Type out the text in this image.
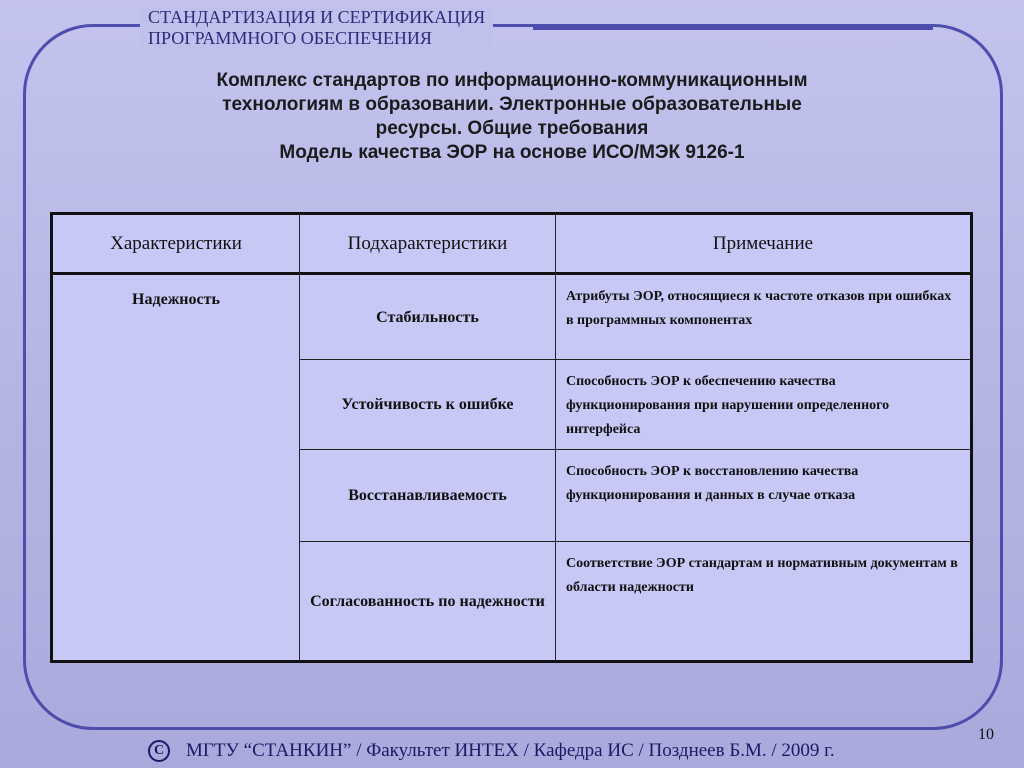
СТАНДАРТИЗАЦИЯ И СЕРТИФИКАЦИЯ
ПРОГРАММНОГО ОБЕСПЕЧЕНИЯ
Комплекс стандартов по информационно-коммуникационным
технологиям в образовании. Электронные образовательные
ресурсы. Общие требования
Модель качества ЭОР на основе ИСО/МЭК 9126-1
Характеристики	Подхарактеристики	Примечание
Надежность	Стабильность	Атрибуты ЭОР, относящиеся к частоте отказов при ошибках в программных компонентах
	Устойчивость к ошибке	Способность ЭОР к обеспечению качества функционирования при нарушении определенного интерфейса
	Восстанавливаемость	Способность ЭОР к восстановлению качества функционирования и данных в случае отказа
	Согласованность по надежности	Соответствие ЭОР стандартам и нормативным документам в области надежности
10
С	МГТУ “СТАНКИН” / Факультет ИНТЕХ / Кафедра ИС / Позднеев Б.М. / 2009 г.
